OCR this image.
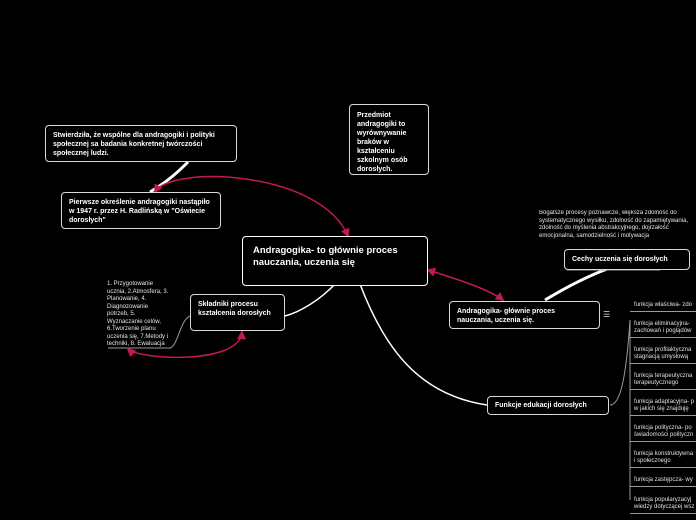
Stwierdziła, że wspólne dla andragogiki i polityki społecznej sa badania konkretnej twórczości społecznej ludzi.
Pierwsze określenie andragogiki nastąpiło w 1947 r. przez H. Radlińską w "Oświecie dorosłych"
Przedmiot andragogiki to wyrównywanie braków w kształceniu szkolnym osób dorosłych.
Andragogika- to głównie proces nauczania, uczenia się
Składniki procesu kształcenia dorosłych
1. Przygotowanie ucznia, 2.Atmosfera, 3. Planowanie, 4. Diagnozowanie potrzeb, 5. Wyznaczanie celów, 6.Tworzenie planu uczenia się, 7.Metody i techniki, 8. Ewaluacja
Andragogika- głównie proces nauczania, uczenia się.
☰
Cechy uczenia się dorosłych
Bogatsze procesy poznawcze, większa zdolność do systematycznego wysiłku, zdolność do zapamiętywania, zdolność do myślenia abstrakcyjnego, dojrzałość emocjonalna, samodzielność i motywacja
Funkcje edukacji dorosłych
funkcja właściwa- zdo
funkcja eliminacyjna-
zachowań i poglądów
funkcja profilaktyczna
stagnacją umysłową
funkcja terapeutyczna
terapeutycznego
funkcja adaptacyjna- p
w jakich się znajduję
funkcja polityczna- po
świadomości polityczn
funkcja konstruktywna
i społecznego
funkcja zastępcza- wy
funkcja popularyzacyj
wiedzy dotyczącej wsz
